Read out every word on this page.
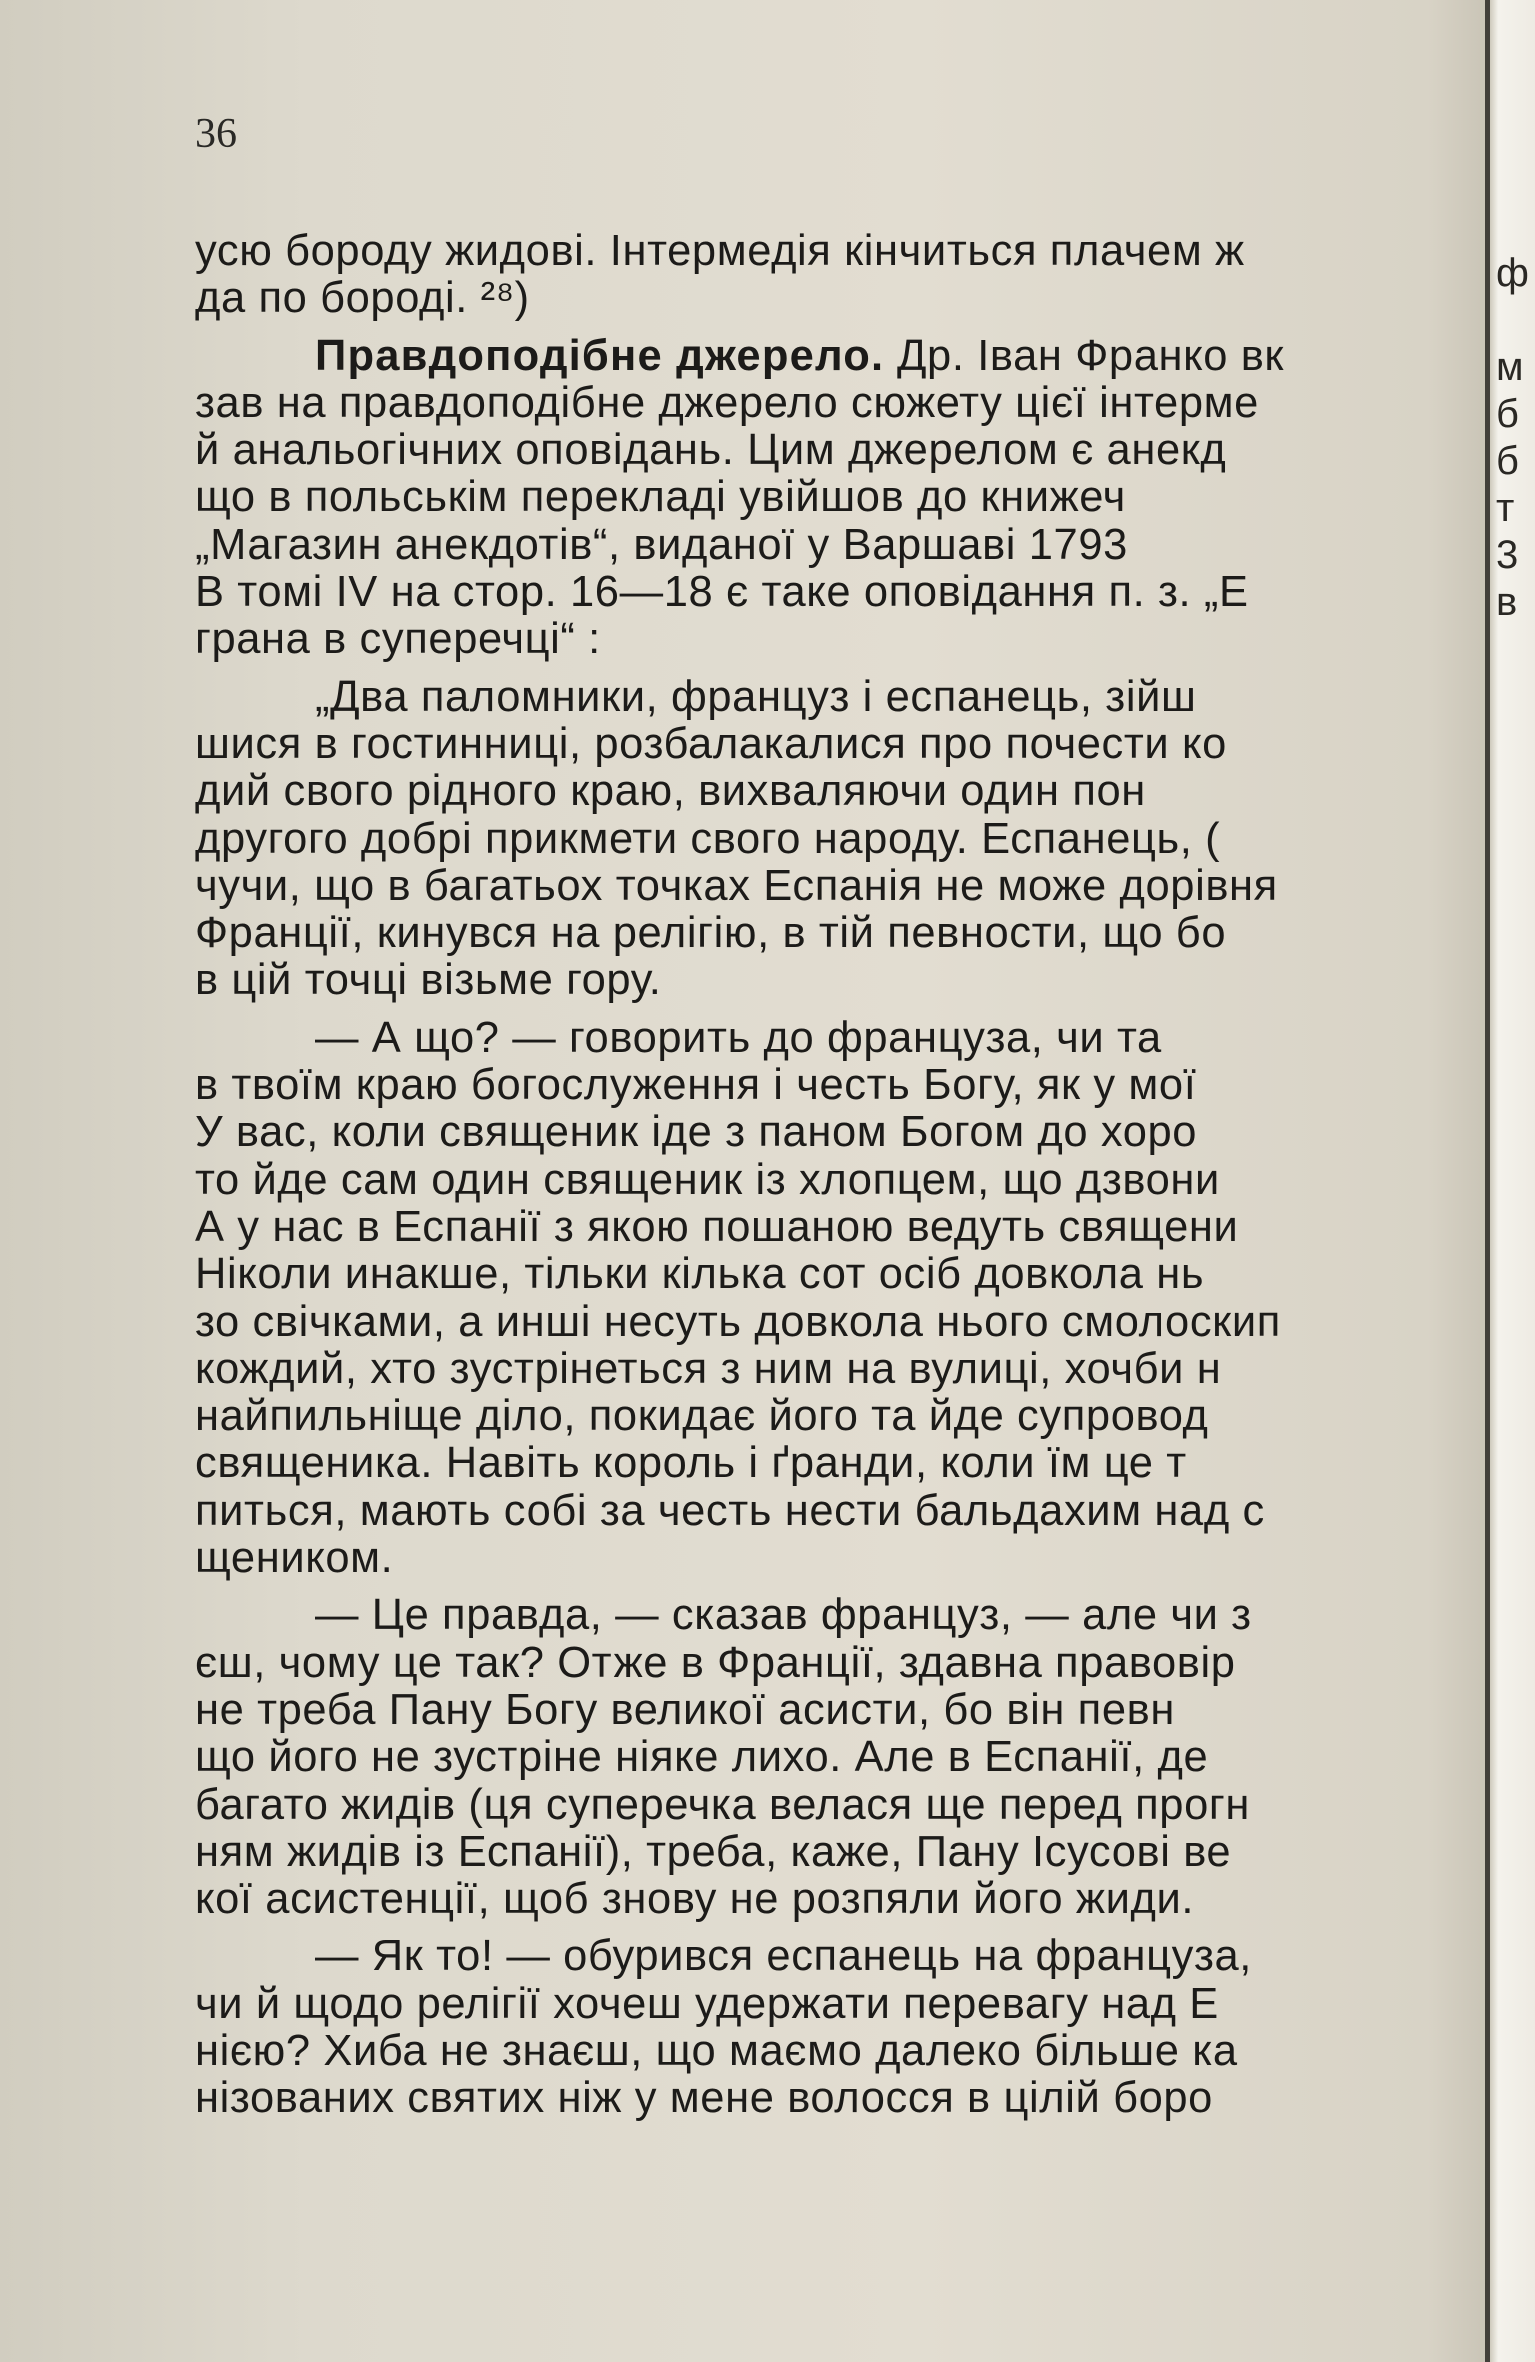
36
усю бороду жидові. Інтермедія кінчиться плачем ж
да по бороді. ²⁸)
Правдоподібне джерело. Др. Іван Франко вк
зав на правдоподібне джерело сюжету цієї інтерме
й анальогічних оповідань. Цим джерелом є анекд
що в польськім перекладі увійшов до книжеч
„Магазин анекдотів“, виданої у Варшаві 1793
В томі IV на стор. 16—18 є таке оповідання п. з. „Е
грана в суперечці“ :
„Два паломники, француз і еспанець, зійш
шися в гостинниці, розбалакалися про почести ко
дий свого рідного краю, вихваляючи один пон
другого добрі прикмети свого народу. Еспанець, (
чучи, що в багатьох точках Еспанія не може дорівня
Франції, кинувся на релігію, в тій певности, що бо
в цій точці візьме гору.
— А що? — говорить до француза, чи та
в твоїм краю богослуження і честь Богу, як у мої
У вас, коли священик іде з паном Богом до хоро
то йде сам один священик із хлопцем, що дзвони
А у нас в Еспанії з якою пошаною ведуть священи
Ніколи инакше, тільки кілька сот осіб довкола нь
зо свічками, а инші несуть довкола нього смолоскип
кождий, хто зустрінеться з ним на вулиці, хочби н
найпильніще діло, покидає його та йде супровод
священика. Навіть король і ґранди, коли їм це т
питься, мають собі за честь нести бальдахим над с
щеником.
— Це правда, — сказав француз, — але чи з
єш, чому це так? Отже в Франції, здавна правовір
не треба Пану Богу великої асисти, бо він певн
що його не зустріне ніяке лихо. Але в Еспанії, де
багато жидів (ця суперечка велася ще перед прогн
ням жидів із Еспанії), треба, каже, Пану Ісусові ве
кої асистенції, щоб знову не розпяли його жиди.
— Як то! — обурився еспанець на француза,
чи й щодо релігії хочеш удержати перевагу над Е
нією? Хиба не знаєш, що маємо далеко більше ка
нізованих святих ніж у мене волосся в цілій боро
ф
м
б
б
т
3
в
